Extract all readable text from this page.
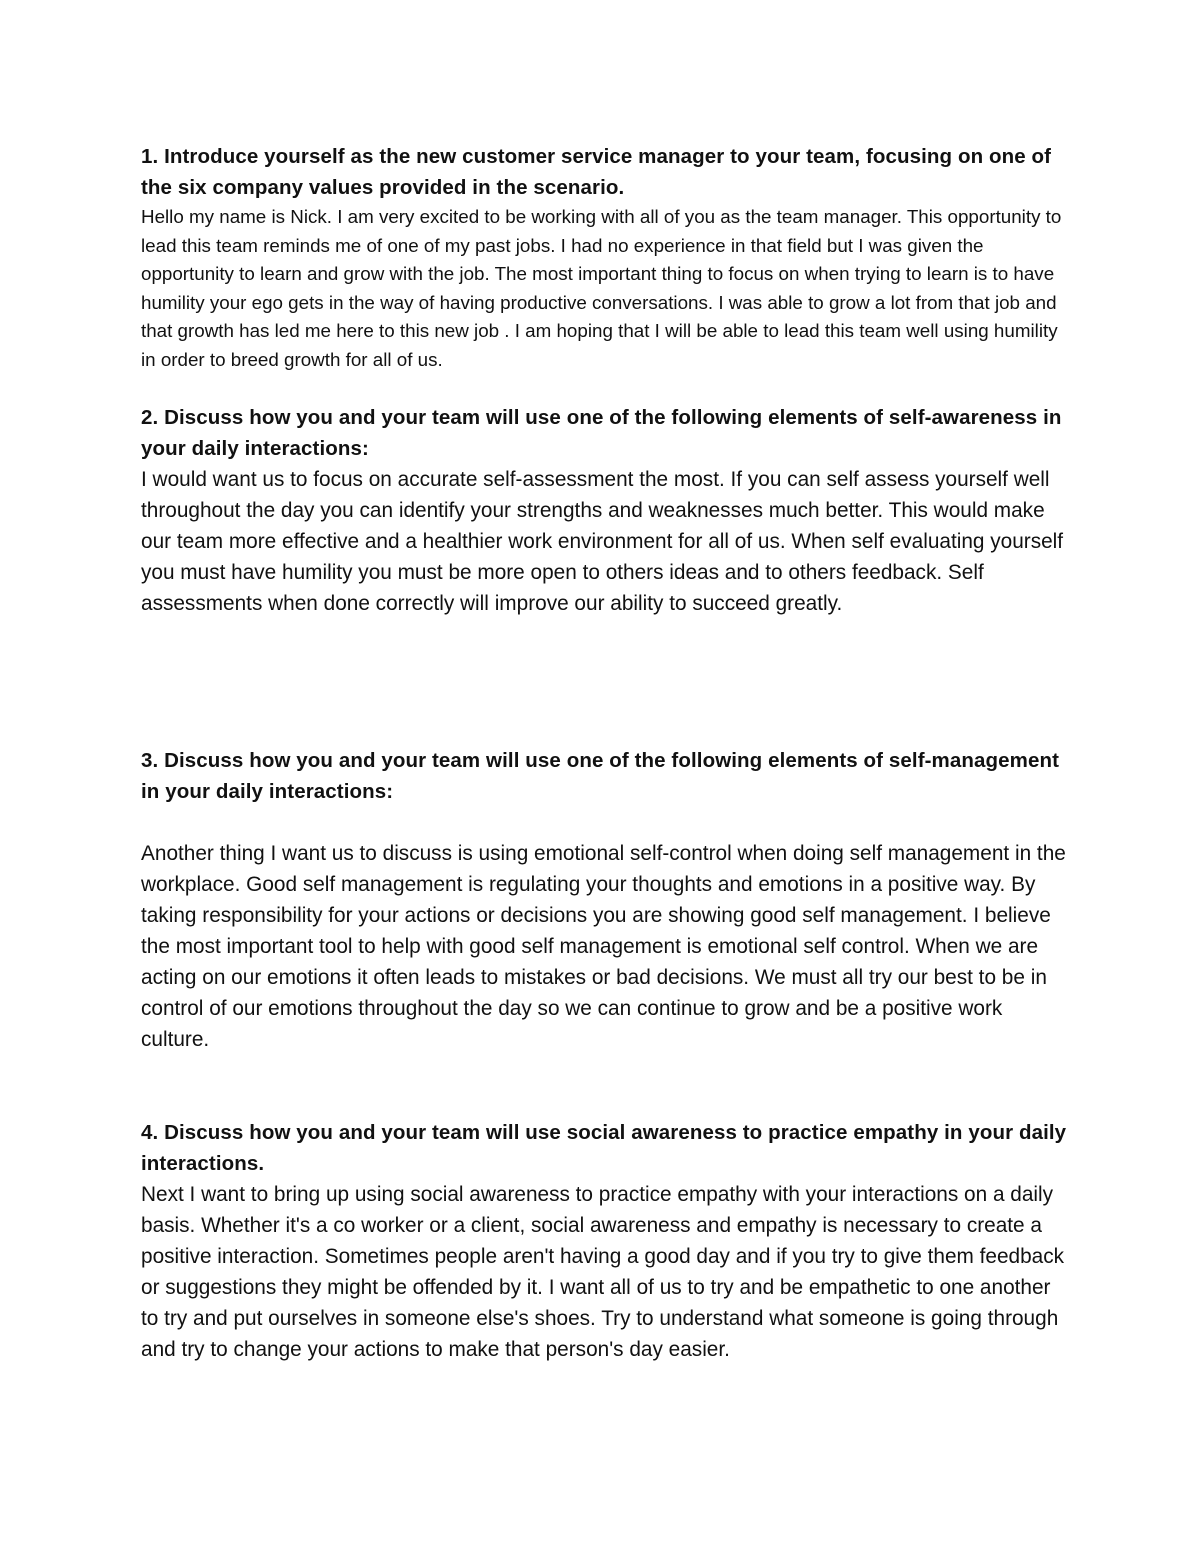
1. Introduce yourself as the new customer service manager to your team, focusing on one of the six company values provided in the scenario.

Hello my name is Nick. I am very excited to be working with all of you as the team manager. This opportunity to lead this team reminds me of one of my past jobs. I had no experience in that field but I was given the opportunity to learn and grow with the job. The most important thing to focus on when trying to learn is to have humility your ego gets in the way of having productive conversations. I was able to grow a lot from that job and that growth has led me here to this new job . I am hoping that I will be able to lead this team well using humility in order to breed growth for all of us.

2. Discuss how you and your team will use one of the following elements of self-awareness in your daily interactions:

I would want us to focus on accurate self-assessment the most. If you can self assess yourself well throughout the day you can identify your strengths and weaknesses much better. This would make our team more effective and a healthier work environment for all of us. When self evaluating yourself you must have humility you must be more open to others ideas and to others feedback. Self assessments when done correctly will improve our ability to succeed greatly.

3. Discuss how you and your team will use one of the following elements of self-management in your daily interactions:

Another thing I want us to discuss is using emotional self-control when doing self management in the workplace. Good self management is regulating your thoughts and emotions in a positive way. By taking responsibility for your actions or decisions you are showing good self management. I believe the most important tool to help with good self management is emotional self control. When we are acting on our emotions it often leads to mistakes or bad decisions. We must all try our best to be in control of our emotions throughout the day so we can continue to grow and be a positive work culture.

4. Discuss how you and your team will use social awareness to practice empathy in your daily interactions.

Next I want to bring up using social awareness to practice empathy with your interactions on a daily basis. Whether it's a co worker or a client, social awareness and empathy is necessary to create a positive interaction. Sometimes people aren't having a good day and if you try to give them feedback or suggestions they might be offended by it. I want all of us to try and be empathetic to one another to try and put ourselves in someone else's shoes. Try to understand what someone is going through and try to change your actions to make that person's day easier.
